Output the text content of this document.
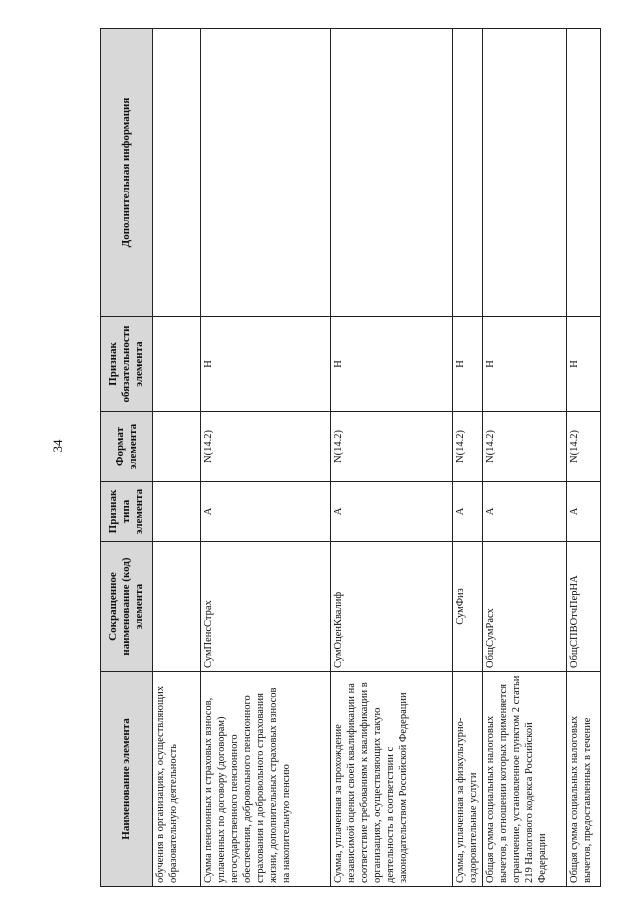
34
Наименование элемента	Сокращенное наименование (код) элемента	Признак типа элемента	Формат элемента	Признак обязательности элемента	Дополнительная информация
обучения в организациях, осуществляющих образовательную деятельность					
Сумма пенсионных и страховых взносов, уплаченных по договору (договорам) негосударственного пенсионного обеспечения, добровольного пенсионного страхования и добровольного страхования жизни, дополнительных страховых взносов на накопительную пенсию	СумПенсСтрах	А	N(14.2)	Н	
Сумма, уплаченная за прохождение независимой оценки своей квалификации на соответствие требованиям к квалификации в организациях, осуществляющих такую деятельность в соответствии с законодательством Российской Федерации	СумОценКвалиф	А	N(14.2)	Н	
Сумма, уплаченная за физкультурно-оздоровительные услуги	СумФиз	А	N(14.2)	Н	
Общая сумма социальных налоговых вычетов, в отношении которых применяется ограничение, установленное пунктом 2 статьи 219 Налогового кодекса Российской Федерации	ОбщСумРасх	А	N(14.2)	Н	
Общая сумма социальных налоговых вычетов, предоставленных в течение	ОбщСПВОтчПерНА	А	N(14.2)	Н	
